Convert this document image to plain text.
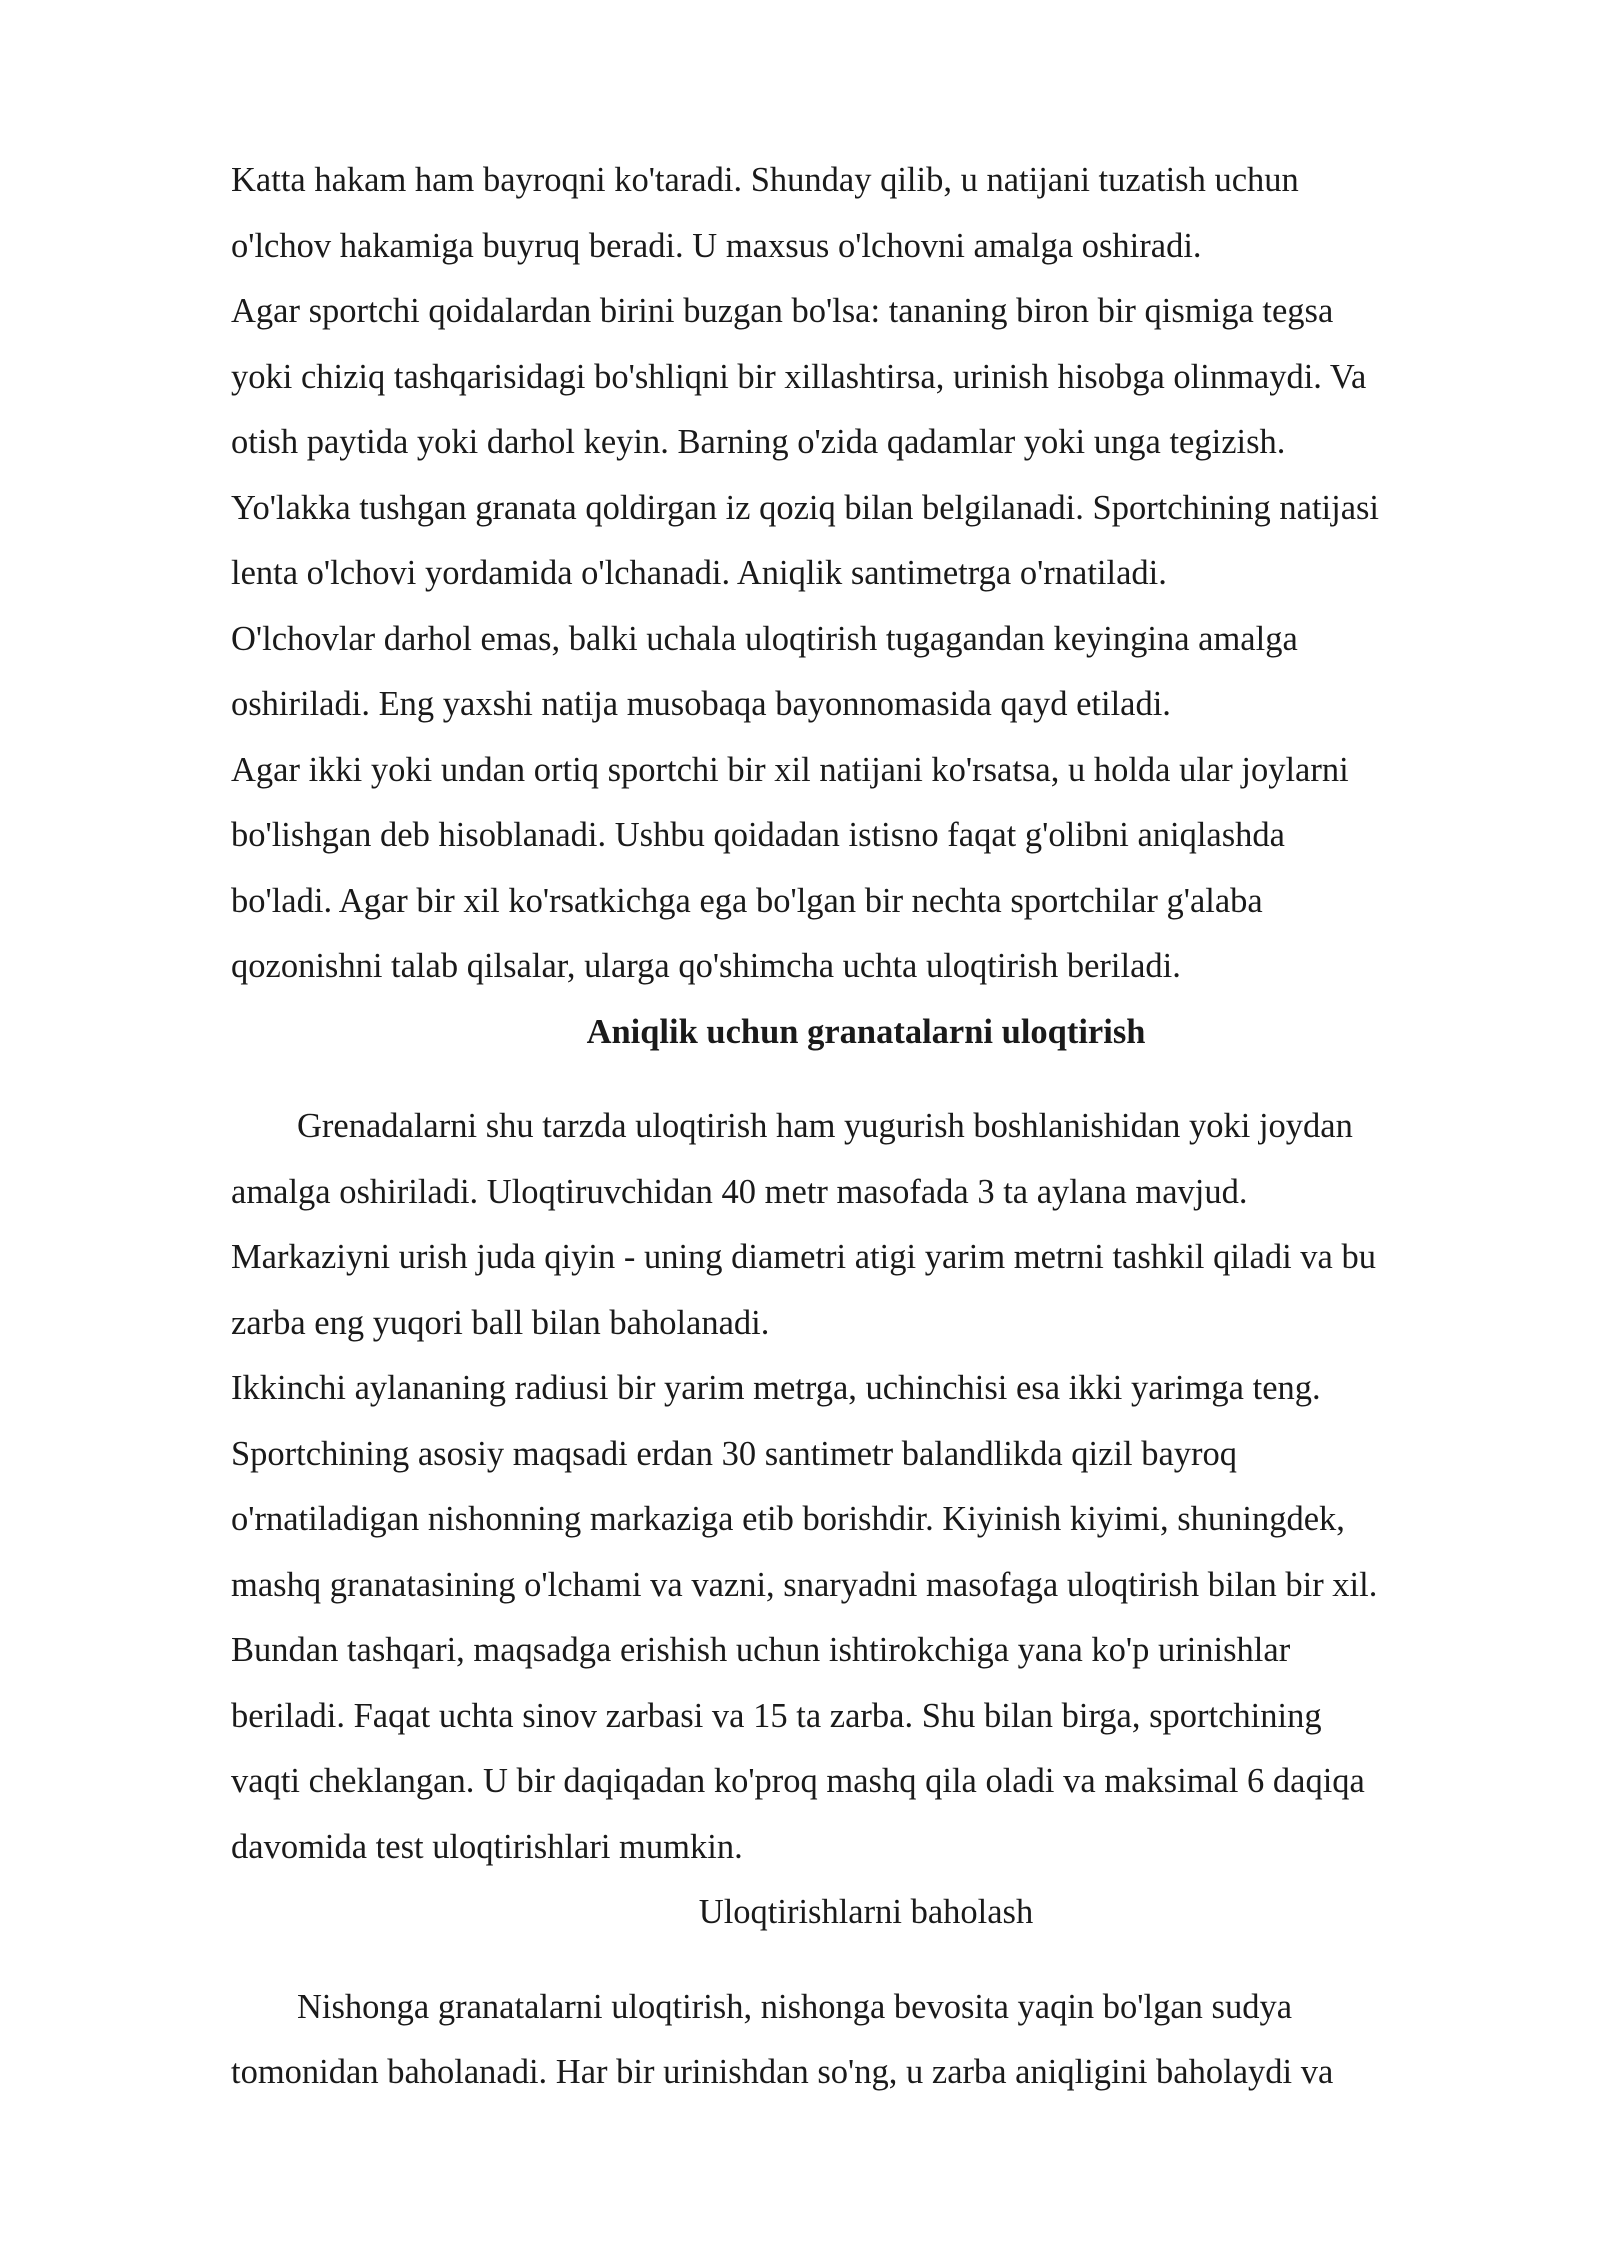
Katta hakam ham bayroqni ko'taradi. Shunday qilib, u natijani tuzatish uchun
o'lchov hakamiga buyruq beradi. U maxsus o'lchovni amalga oshiradi.
Agar sportchi qoidalardan birini buzgan bo'lsa: tananing biron bir qismiga tegsa
yoki chiziq tashqarisidagi bo'shliqni bir xillashtirsa, urinish hisobga olinmaydi. Va
otish paytida yoki darhol keyin. Barning o'zida qadamlar yoki unga tegizish.
Yo'lakka tushgan granata qoldirgan iz qoziq bilan belgilanadi. Sportchining natijasi
lenta o'lchovi yordamida o'lchanadi. Aniqlik santimetrga o'rnatiladi.
O'lchovlar darhol emas, balki uchala uloqtirish tugagandan keyingina amalga
oshiriladi. Eng yaxshi natija musobaqa bayonnomasida qayd etiladi.
Agar ikki yoki undan ortiq sportchi bir xil natijani ko'rsatsa, u holda ular joylarni
bo'lishgan deb hisoblanadi. Ushbu qoidadan istisno faqat g'olibni aniqlashda
bo'ladi. Agar bir xil ko'rsatkichga ega bo'lgan bir nechta sportchilar g'alaba
qozonishni talab qilsalar, ularga qo'shimcha uchta uloqtirish beriladi.
Aniqlik uchun granatalarni uloqtirish
Grenadalarni shu tarzda uloqtirish ham yugurish boshlanishidan yoki joydan
amalga oshiriladi. Uloqtiruvchidan 40 metr masofada 3 ta aylana mavjud.
Markaziyni urish juda qiyin - uning diametri atigi yarim metrni tashkil qiladi va bu
zarba eng yuqori ball bilan baholanadi.
Ikkinchi aylananing radiusi bir yarim metrga, uchinchisi esa ikki yarimga teng.
Sportchining asosiy maqsadi erdan 30 santimetr balandlikda qizil bayroq
o'rnatiladigan nishonning markaziga etib borishdir. Kiyinish kiyimi, shuningdek,
mashq granatasining o'lchami va vazni, snaryadni masofaga uloqtirish bilan bir xil.
Bundan tashqari, maqsadga erishish uchun ishtirokchiga yana ko'p urinishlar
beriladi. Faqat uchta sinov zarbasi va 15 ta zarba. Shu bilan birga, sportchining
vaqti cheklangan. U bir daqiqadan ko'proq mashq qila oladi va maksimal 6 daqiqa
davomida test uloqtirishlari mumkin.
Uloqtirishlarni baholash
Nishonga granatalarni uloqtirish, nishonga bevosita yaqin bo'lgan sudya
tomonidan baholanadi. Har bir urinishdan so'ng, u zarba aniqligini baholaydi va
